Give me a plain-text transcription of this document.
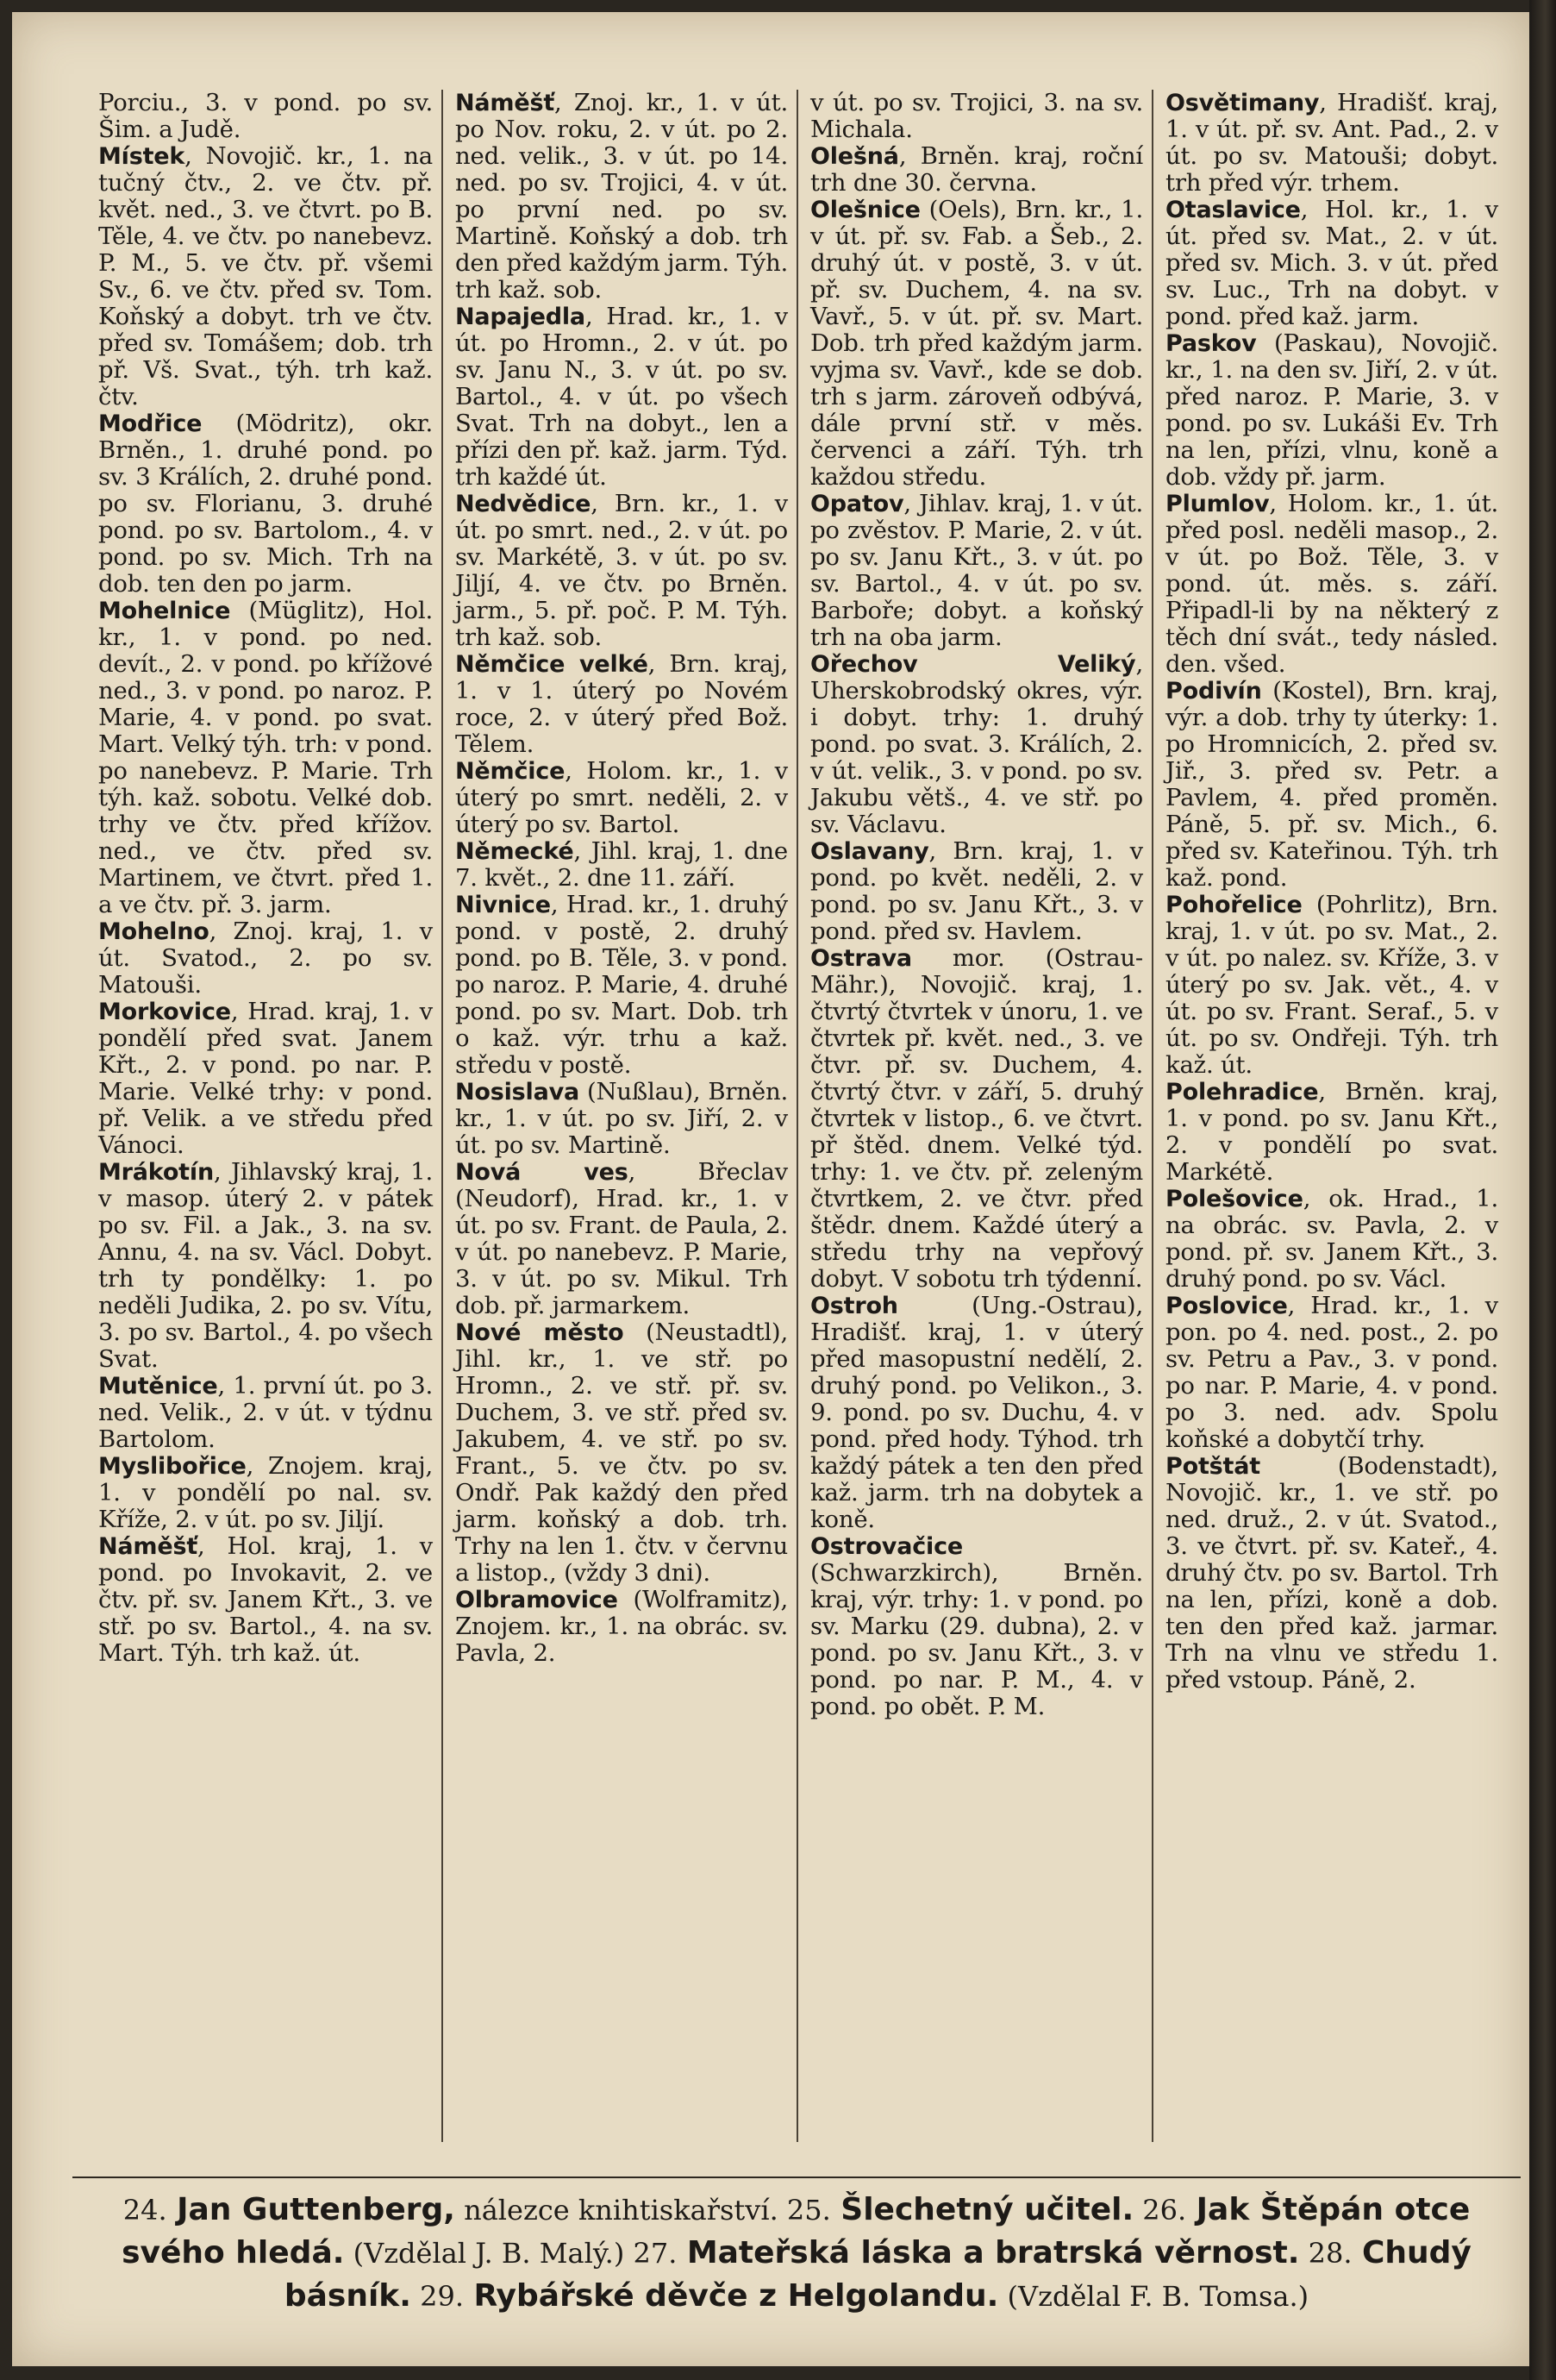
Porciu., 3. v pond. po sv. Šim. a Judě.

Místek, Novojič. kr., 1. na tučný čtv., 2. ve čtv. př. květ. ned., 3. ve čtvrt. po B. Těle, 4. ve čtv. po nanebevz. P. M., 5. ve čtv. př. všemi Sv., 6. ve čtv. před sv. Tom. Koňský a dobyt. trh ve čtv. před sv. Tomášem; dob. trh př. Vš. Svat., týh. trh kaž. čtv.

Modřice (Mödritz), okr. Brněn., 1. druhé pond. po sv. 3 Králích, 2. druhé pond. po sv. Florianu, 3. druhé pond. po sv. Bartolom., 4. v pond. po sv. Mich. Trh na dob. ten den po jarm.

Mohelnice (Müglitz), Hol. kr., 1. v pond. po ned. devít., 2. v pond. po křížové ned., 3. v pond. po naroz. P. Marie, 4. v pond. po svat. Mart. Velký týh. trh: v pond. po nanebevz. P. Marie. Trh týh. kaž. sobotu. Velké dob. trhy ve čtv. před křížov. ned., ve čtv. před sv. Martinem, ve čtvrt. před 1. a ve čtv. př. 3. jarm.

Mohelno, Znoj. kraj, 1. v út. Svatod., 2. po sv. Matouši.

Morkovice, Hrad. kraj, 1. v pondělí před svat. Janem Křt., 2. v pond. po nar. P. Marie. Velké trhy: v pond. př. Velik. a ve středu před Vánoci.

Mrákotín, Jihlavský kraj, 1. v masop. úterý 2. v pátek po sv. Fil. a Jak., 3. na sv. Annu, 4. na sv. Václ. Dobyt. trh ty pondělky: 1. po neděli Judika, 2. po sv. Vítu, 3. po sv. Bartol., 4. po všech Svat.

Mutěnice, 1. první út. po 3. ned. Velik., 2. v út. v týdnu Bartolom.

Myslibořice, Znojem. kraj, 1. v pondělí po nal. sv. Kříže, 2. v út. po sv. Jiljí.

Náměšť, Hol. kraj, 1. v pond. po Invokavit, 2. ve čtv. př. sv. Janem Křt., 3. ve stř. po sv. Bartol., 4. na sv. Mart. Týh. trh kaž. út.

Náměšť, Znoj. kr., 1. v út. po Nov. roku, 2. v út. po 2. ned. velik., 3. v út. po 14. ned. po sv. Trojici, 4. v út. po první ned. po sv. Martině. Koňský a dob. trh den před každým jarm. Týh. trh kaž. sob.

Napajedla, Hrad. kr., 1. v út. po Hromn., 2. v út. po sv. Janu N., 3. v út. po sv. Bartol., 4. v út. po všech Svat. Trh na dobyt., len a přízi den př. kaž. jarm. Týd. trh každé út.

Nedvědice, Brn. kr., 1. v út. po smrt. ned., 2. v út. po sv. Markétě, 3. v út. po sv. Jiljí, 4. ve čtv. po Brněn. jarm., 5. př. poč. P. M. Týh. trh kaž. sob.

Němčice velké, Brn. kraj, 1. v 1. úterý po Novém roce, 2. v úterý před Bož. Tělem.

Němčice, Holom. kr., 1. v úterý po smrt. neděli, 2. v úterý po sv. Bartol.

Německé, Jihl. kraj, 1. dne 7. květ., 2. dne 11. září.

Nivnice, Hrad. kr., 1. druhý pond. v postě, 2. druhý pond. po B. Těle, 3. v pond. po naroz. P. Marie, 4. druhé pond. po sv. Mart. Dob. trh o kaž. výr. trhu a kaž. středu v postě.

Nosislava (Nußlau), Brněn. kr., 1. v út. po sv. Jiří, 2. v út. po sv. Martině.

Nová ves, Břeclav (Neudorf), Hrad. kr., 1. v út. po sv. Frant. de Paula, 2. v út. po nanebevz. P. Marie, 3. v út. po sv. Mikul. Trh dob. př. jarmarkem.

Nové město (Neustadtl), Jihl. kr., 1. ve stř. po Hromn., 2. ve stř. př. sv. Duchem, 3. ve stř. před sv. Jakubem, 4. ve stř. po sv. Frant., 5. ve čtv. po sv. Ondř. Pak každý den před jarm. koňský a dob. trh. Trhy na len 1. čtv. v červnu a listop., (vždy 3 dni).

Olbramovice (Wolframitz), Znojem. kr., 1. na obrác. sv. Pavla, 2.

v út. po sv. Trojici, 3. na sv. Michala.

Olešná, Brněn. kraj, roční trh dne 30. června.

Olešnice (Oels), Brn. kr., 1. v út. př. sv. Fab. a Šeb., 2. druhý út. v postě, 3. v út. př. sv. Duchem, 4. na sv. Vavř., 5. v út. př. sv. Mart. Dob. trh před každým jarm. vyjma sv. Vavř., kde se dob. trh s jarm. zároveň odbývá, dále první stř. v měs. červenci a září. Týh. trh každou středu.

Opatov, Jihlav. kraj, 1. v út. po zvěstov. P. Marie, 2. v út. po sv. Janu Křt., 3. v út. po sv. Bartol., 4. v út. po sv. Barboře; dobyt. a koňský trh na oba jarm.

Ořechov Veliký, Uherskobrodský okres, výr. i dobyt. trhy: 1. druhý pond. po svat. 3. Králích, 2. v út. velik., 3. v pond. po sv. Jakubu větš., 4. ve stř. po sv. Václavu.

Oslavany, Brn. kraj, 1. v pond. po květ. neděli, 2. v pond. po sv. Janu Křt., 3. v pond. před sv. Havlem.

Ostrava mor. (Ostrau-Mähr.), Novojič. kraj, 1. čtvrtý čtvrtek v únoru, 1. ve čtvrtek př. květ. ned., 3. ve čtvr. př. sv. Duchem, 4. čtvrtý čtvr. v září, 5. druhý čtvrtek v listop., 6. ve čtvrt. př štěd. dnem. Velké týd. trhy: 1. ve čtv. př. zeleným čtvrtkem, 2. ve čtvr. před štědr. dnem. Každé úterý a středu trhy na vepřový dobyt. V sobotu trh týdenní.

Ostroh (Ung.-Ostrau), Hradišť. kraj, 1. v úterý před masopustní nedělí, 2. druhý pond. po Velikon., 3. 9. pond. po sv. Duchu, 4. v pond. před hody. Týhod. trh každý pátek a ten den před kaž. jarm. trh na dobytek a koně.

Ostrovačice (Schwarzkirch), Brněn. kraj, výr. trhy: 1. v pond. po sv. Marku (29. dubna), 2. v pond. po sv. Janu Křt., 3. v pond. po nar. P. M., 4. v pond. po obět. P. M.

Osvětimany, Hradišť. kraj, 1. v út. př. sv. Ant. Pad., 2. v út. po sv. Matouši; dobyt. trh před výr. trhem.

Otaslavice, Hol. kr., 1. v út. před sv. Mat., 2. v út. před sv. Mich. 3. v út. před sv. Luc., Trh na dobyt. v pond. před kaž. jarm.

Paskov (Paskau), Novojič. kr., 1. na den sv. Jiří, 2. v út. před naroz. P. Marie, 3. v pond. po sv. Lukáši Ev. Trh na len, přízi, vlnu, koně a dob. vždy př. jarm.

Plumlov, Holom. kr., 1. út. před posl. neděli masop., 2. v út. po Bož. Těle, 3. v pond. út. měs. s. září. Připadl-li by na některý z těch dní svát., tedy násled. den. všed.

Podivín (Kostel), Brn. kraj, výr. a dob. trhy ty úterky: 1. po Hromnicích, 2. před sv. Jiř., 3. před sv. Petr. a Pavlem, 4. před proměn. Páně, 5. př. sv. Mich., 6. před sv. Kateřinou. Týh. trh kaž. pond.

Pohořelice (Pohrlitz), Brn. kraj, 1. v út. po sv. Mat., 2. v út. po nalez. sv. Kříže, 3. v úterý po sv. Jak. vět., 4. v út. po sv. Frant. Seraf., 5. v út. po sv. Ondřeji. Týh. trh kaž. út.

Polehradice, Brněn. kraj, 1. v pond. po sv. Janu Křt., 2. v pondělí po svat. Markétě.

Polešovice, ok. Hrad., 1. na obrác. sv. Pavla, 2. v pond. př. sv. Janem Křt., 3. druhý pond. po sv. Václ.

Poslovice, Hrad. kr., 1. v pon. po 4. ned. post., 2. po sv. Petru a Pav., 3. v pond. po nar. P. Marie, 4. v pond. po 3. ned. adv. Spolu koňské a dobytčí trhy.

Potštát (Bodenstadt), Novojič. kr., 1. ve stř. po ned. druž., 2. v út. Svatod., 3. ve čtvrt. př. sv. Kateř., 4. druhý čtv. po sv. Bartol. Trh na len, přízi, koně a dob. ten den před kaž. jarmar. Trh na vlnu ve středu 1. před vstoup. Páně, 2.

24. Jan Guttenberg, nálezce knihtiskařství. 25. Šlechetný učitel. 26. Jak Štěpán otce svého hledá. (Vzdělal J. B. Malý.) 27. Mateřská láska a bratrská věrnost. 28. Chudý básník. 29. Rybářské děvče z Helgolandu. (Vzdělal F. B. Tomsa.)
